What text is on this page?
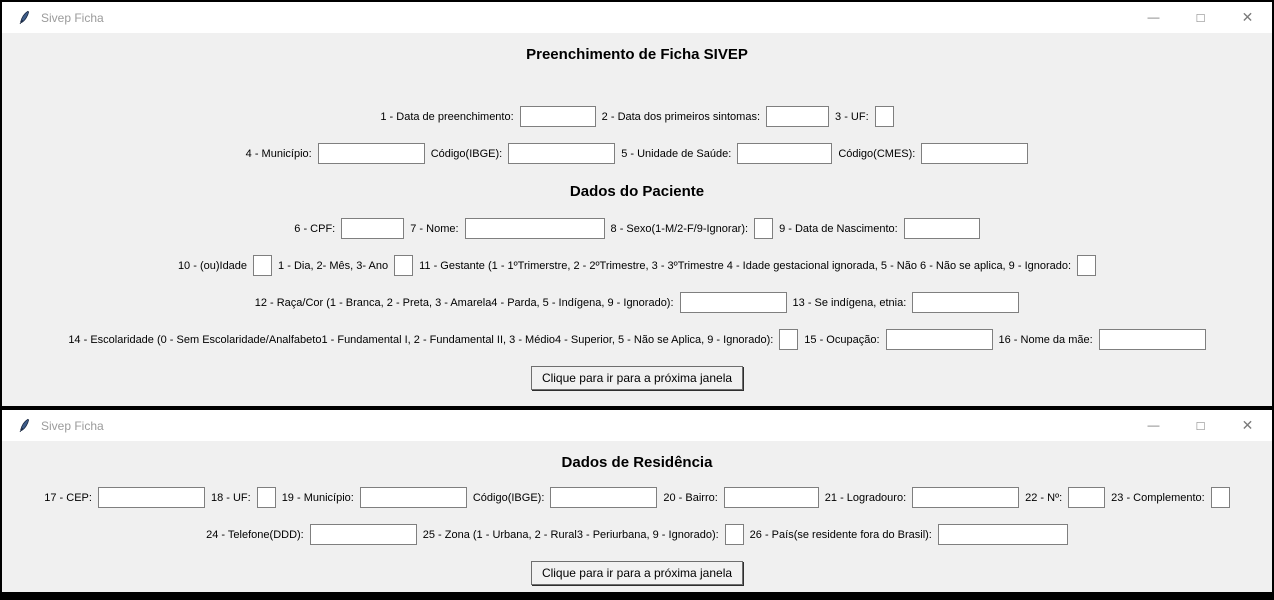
Sivep Ficha	—	□	✕
Preenchimento de Ficha SIVEP
1 - Data de preenchimento:	2 - Data dos primeiros sintomas:	3 - UF:
4 - Município:	Código(IBGE):	5 - Unidade de Saúde:	Código(CMES):
Dados do Paciente
6 - CPF:	7 - Nome:	8 - Sexo(1-M/2-F/9-Ignorar):	9 - Data de Nascimento:
10 - (ou)Idade	1 - Dia, 2- Mês, 3- Ano	11 - Gestante (1 - 1ºTrimerstre, 2 - 2ºTrimestre, 3 - 3ºTrimestre 4 - Idade gestacional ignorada, 5 - Não 6 - Não se aplica, 9 - Ignorado:
12 - Raça/Cor (1 - Branca, 2 - Preta, 3 - Amarela4 - Parda, 5 - Indígena, 9 - Ignorado):	13 - Se indígena, etnia:
14 - Escolaridade (0 - Sem Escolaridade/Analfabeto1 - Fundamental I, 2 - Fundamental II, 3 - Médio4 - Superior, 5 - Não se Aplica, 9 - Ignorado):	15 - Ocupação:	16 - Nome da mãe:
Clique para ir para a próxima janela
Sivep Ficha	—	□	✕
Dados de Residência
17 - CEP:	18 - UF:	19 - Município:	Código(IBGE):	20 - Bairro:	21 - Logradouro:	22 - Nº:	23 - Complemento:
24 - Telefone(DDD):	25 - Zona (1 - Urbana, 2 - Rural3 - Periurbana, 9 - Ignorado):	26 - País(se residente fora do Brasil):
Clique para ir para a próxima janela
